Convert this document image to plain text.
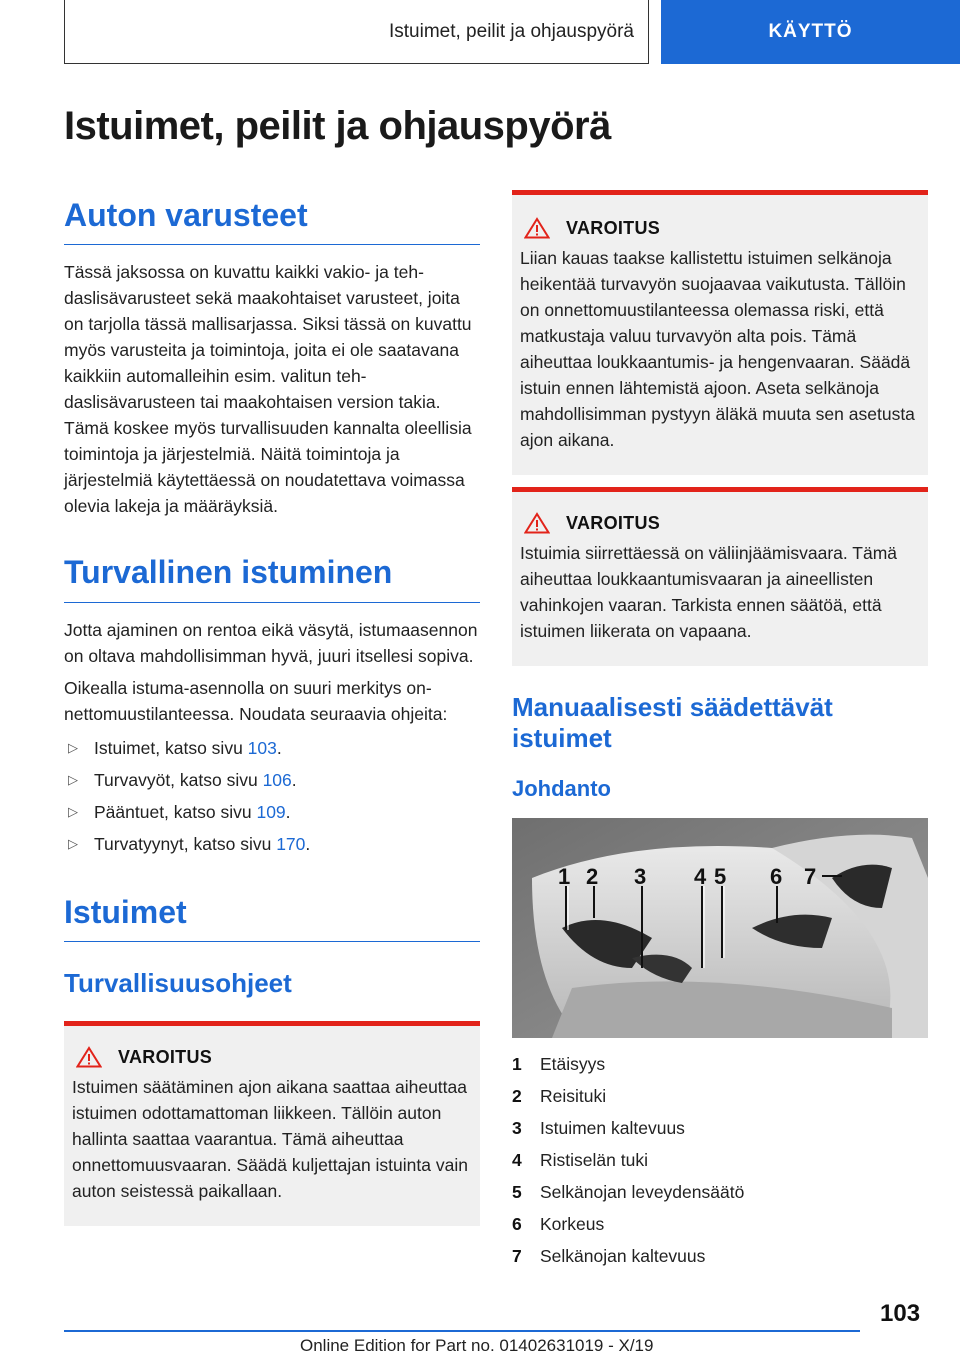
Istuimet, peilit ja ohjauspyörä	KÄYTTÖ
Istuimet, peilit ja ohjauspyörä
Auton varusteet

Tässä jaksossa on kuvattu kaikki vakio- ja tehdaslisävarusteet sekä maakohtaiset varusteet, joita on tarjolla tässä mallisarjassa. Siksi tässä on kuvattu myös varusteita ja toimintoja, joita ei ole saatavana kaikkiin automalleihin esim. valitun tehdaslisävarusteen tai maakohtaisen version takia. Tämä koskee myös turvallisuuden kannalta oleellisia toimintoja ja järjestelmiä. Näitä toimintoja ja järjestelmiä käytettäessä on noudatettava voimassa olevia lakeja ja määräyksiä.

Turvallinen istuminen

Jotta ajaminen on rentoa eikä väsytä, istumaasennon on oltava mahdollisimman hyvä, juuri itsellesi sopiva.

Oikealla istuma-asennolla on suuri merkitys onnettomuustilanteessa. Noudata seuraavia ohjeita:

▷ Istuimet, katso sivu 103.
▷ Turvavyöt, katso sivu 106.
▷ Pääntuet, katso sivu 109.
▷ Turvatyynyt, katso sivu 170.
Istuimet
Turvallisuusohjeet
VAROITUS

Istuimen säätäminen ajon aikana saattaa aiheuttaa istuimen odottamattoman liikkeen. Tällöin auton hallinta saattaa vaarantua. Tämä aiheuttaa onnettomuusvaaran. Säädä kuljettajan istuinta vain auton seistessä paikallaan.

VAROITUS

Liian kauas taakse kallistettu istuimen selkänoja heikentää turvavyön suojaavaa vaikutusta. Tällöin on onnettomuustilanteessa olemassa riski, että matkustaja valuu turvavyön alta pois. Tämä aiheuttaa loukkaantumis- ja hengenvaaran. Säädä istuin ennen lähtemistä ajoon. Aseta selkänoja mahdollisimman pystyyn äläkä muuta sen asetusta ajon aikana.

VAROITUS

Istuimia siirrettäessä on väliinjäämisvaara. Tämä aiheuttaa loukkaantumisvaaran ja aineellisten vahinkojen vaaran. Tarkista ennen säätöä, että istuimen liikerata on vapaana.

Manuaalisesti säädettävät istuimet
Johdanto
1 2 3 4 5 6 7
1	Etäisyys
2	Reisituki
3	Istuimen kaltevuus
4	Ristiselän tuki
5	Selkänojan leveydensäätö
6	Korkeus
7	Selkänojan kaltevuus
103
Online Edition for Part no. 01402631019 - X/19
